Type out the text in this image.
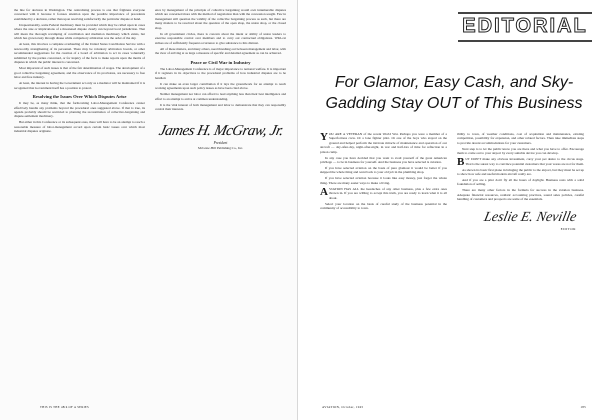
the line for decision in Washington. The centralizing process is one that frightens everyone concerned with it because it focuses attention upon the possible importance of precedents established by a decision, rather than upon resolving satisfactorily the particular dispute at hand.

Unquestionably, some Federal machinery must be provided which may be called upon in cases where the size or implications of a threatened dispute clearly run beyond local jurisdiction. That will mean the thorough revamping of conciliation and mediation machinery which exists, but which has grown rusty through disuse while compulsory arbitration was the order of the day.

At least, this involves a complete overhauling of the United States Conciliation Service with a noteworthy strengthening of its personnel. There may be voluntary arbitration boards, or other recommended suggestions for the creation of a board of arbitration to act in cases voluntarily submitted by the parties concerned, or for inquiry of the facts to make reports upon the merits of disputes in which the public interest is concerned.

Most important of such issues is that of the fair determination of wages. The development of a good collective bargaining agreement, and the observance of its provisions, are necessary to free labor and free industry.

At least, the interest in having the Government act only as a mediator will be maintained if it is recognized that Government itself has a position to protect.

Resolving the Issues Over Which Disputes Arise

It may be, as many think, that the forthcoming Labor-Management Conference cannot effectively handle any problems beyond the procedural ones suggested above. If that is true, its agenda probably should be restricted to planning the reconstitution of collective-bargaining and dispute-settlement machinery.

But either in this Conference or its subsequent ones, there will have to be an attempt to reach a reasonable measure of labor-management accord upon certain basic issues over which most industrial disputes originate.

ence by management of the principle of collective bargaining would own innumerable disputes which are concerned more with the method of negotiation than with the concession sought. Few in management still question the validity of the collective bargaining process as such, but there are many matters to be resolved about the question of the open shop, the union shop, or the closed shop.

In all government circles, there is concern about the intent or ability of union leaders to exercise responsible control over members and to carry out contractual obligations. Wild-cat strikes are of sufficiently frequent occurrence to give substance to this distrust.

All of these matters, and many others, need threshing out between management and labor, with the view of arriving at as large a measure of specific and detailed agreement as can be achieved.

Peace or Civil War in Industry

The Labor-Management Conference is of major importance to national welfare. It is important if it registers in its objectives to the procedural problems of how industrial disputes are to be handled.

It can make an even larger contribution if it lays the groundwork for an attempt to reach working agreements upon such policy issues as have been cited above.

Neither management nor labor can afford to lead anything less than their best intelligence and effort to an attempt to arrive at common understanding.

It is the vital interest of both management and labor to demonstrate that they can responsibly control their interests.

James H. McGraw, Jr.
President
McGraw-Hill Publishing Co., Inc.
THIS IS THE 48th OF A SERIES
EDITORIAL
For Glamor, Easy Cash, and Sky-Gadding Stay OUT of This Business

YOU ARE A VETERAN of the recent World War. Perhaps you were a member of a Superfortress crew. Or a lone fighter pilot. Or one of the boys who stayed on the ground and helped perform the intricate miracle of maintenance and operation of our aircraft — day-after-day, night-after-night, in war and half-lots of time for reflection in a prison camp.

In any case you have decided that you want to avail yourself of the great American privilege — to be in business for yourself. And the business you have selected is aviation.

If you have selected aviation on the basis of pure glamour it would be better if you skipped the whole thing and went back to your old job in the plumbing shop.

If you have selected aviation because it looks like easy money, just forget the whole thing. There are many easier ways to make a living.

AVIATION HAS ALL the headaches of any other business, plus a few extra ones thrown in. If you are willing to accept this truth, you are ready to learn what it is all about.

Select your location on the basis of careful study of the business potential in the community of accessibility to town.

ibility to town, of weather conditions, cost of acquisition and maintenance, existing competition, possibility for expansion, and other related factors. Then take immediate steps to provide decent accommodations for your customers.

Next step is to let the public know you are there and what you have to offer. Encourage them to come out to your airport by every suitable device you can develop.

BUT DON'T make any obvious investment, carry your pet desire to the circus stage. That is the surest way to convince potential customers that your wares are not for them.

As shown its basic first plane in bringing the public to the airport, but they must be set up to show how safe and useful modern aircraft really are.

And if you are a pilot don't fly all the hours of daylight. Business rests with a solid foundation of selling.

There are many other factors in the formula for success in the aviation business. Adequate financial resources, realistic accounting practices, sound sales policies, careful handling of customers and prospects are some of the essentials.

Leslie E. Neville
EDITOR
AVIATION, October, 1945	185
